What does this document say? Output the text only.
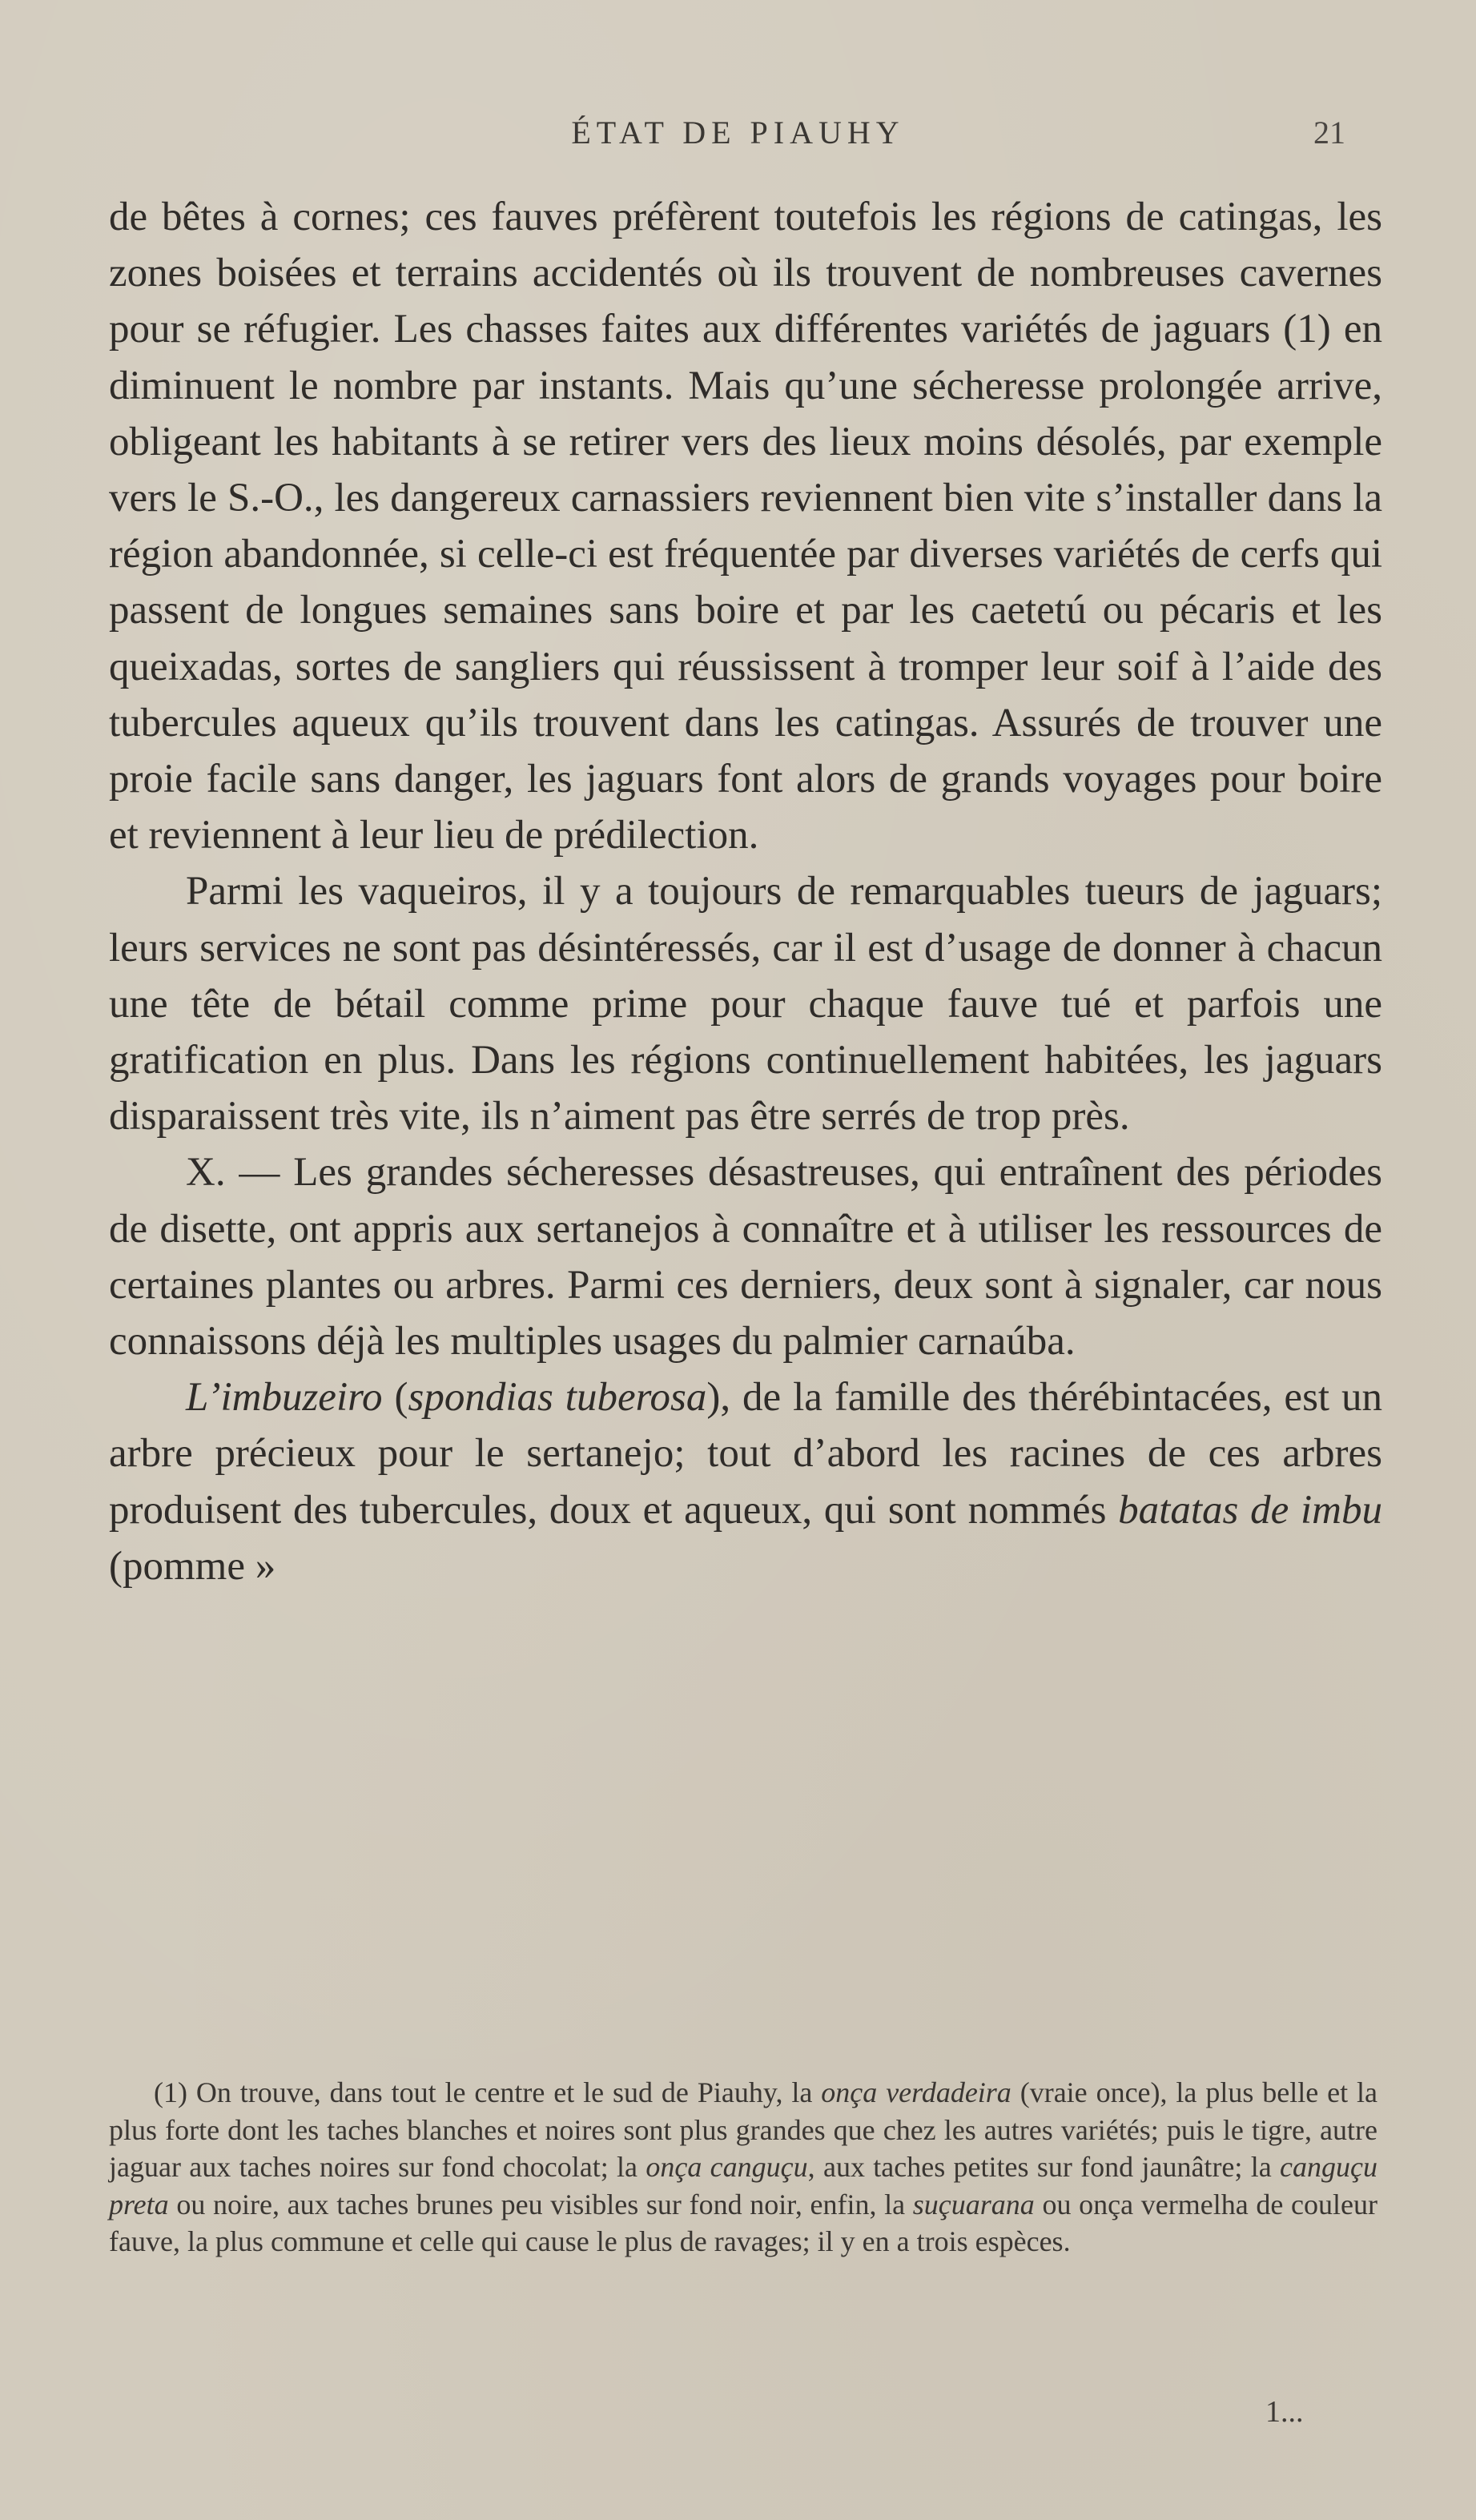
ÉTAT DE PIAUHY	21

de bêtes à cornes; ces fauves préfèrent toutefois les régions de catingas, les zones boisées et terrains accidentés où ils trouvent de nombreuses cavernes pour se réfugier. Les chasses faites aux différentes variétés de jaguars (1) en diminuent le nombre par instants. Mais qu’une sécheresse prolongée arrive, obligeant les habitants à se retirer vers des lieux moins désolés, par exemple vers le S.-O., les dangereux carnassiers reviennent bien vite s’installer dans la région abandonnée, si celle-ci est fréquentée par diverses variétés de cerfs qui passent de longues semaines sans boire et par les caetetú ou pécaris et les queixadas, sortes de sangliers qui réussissent à tromper leur soif à l’aide des tubercules aqueux qu’ils trouvent dans les catingas. Assurés de trouver une proie facile sans danger, les jaguars font alors de grands voyages pour boire et reviennent à leur lieu de prédilection.

Parmi les vaqueiros, il y a toujours de remarquables tueurs de jaguars; leurs services ne sont pas désintéressés, car il est d’usage de donner à chacun une tête de bétail comme prime pour chaque fauve tué et parfois une gratification en plus. Dans les régions continuellement habitées, les jaguars disparaissent très vite, ils n’aiment pas être serrés de trop près.

X. — Les grandes sécheresses désastreuses, qui entraînent des périodes de disette, ont appris aux sertanejos à connaître et à utiliser les ressources de certaines plantes ou arbres. Parmi ces derniers, deux sont à signaler, car nous connaissons déjà les multiples usages du palmier carnaúba.

L’imbuzeiro (spondias tuberosa), de la famille des thérébintacées, est un arbre précieux pour le sertanejo; tout d’abord les racines de ces arbres produisent des tubercules, doux et aqueux, qui sont nommés batatas de imbu (pomme »

(1) On trouve, dans tout le centre et le sud de Piauhy, la onça verdadeira (vraie once), la plus belle et la plus forte dont les taches blanches et noires sont plus grandes que chez les autres variétés; puis le tigre, autre jaguar aux taches noires sur fond chocolat; la onça canguçu, aux taches petites sur fond jaunâtre; la canguçu preta ou noire, aux taches brunes peu visibles sur fond noir, enfin, la suçuarana ou onça vermelha de couleur fauve, la plus commune et celle qui cause le plus de ravages; il y en a trois espèces.
1...
